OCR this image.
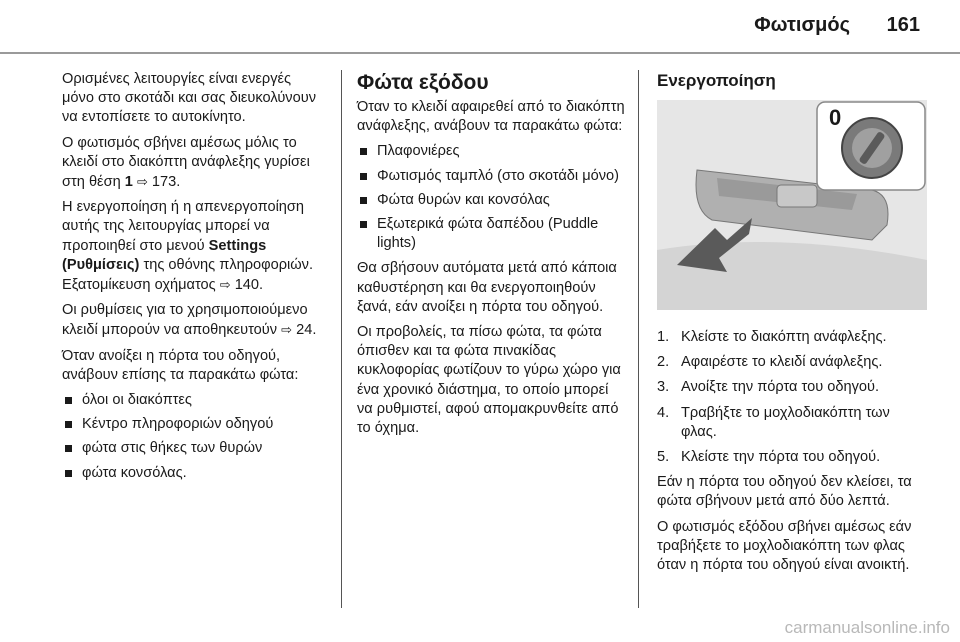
Φωτισμός 161

Ορισμένες λειτουργίες είναι ενεργές μόνο στο σκοτάδι και σας διευκολύνουν να εντοπίσετε το αυτοκίνητο.

Ο φωτισμός σβήνει αμέσως μόλις το κλειδί στο διακόπτη ανάφλεξης γυρίσει στη θέση 1 ⇨ 173.

Η ενεργοποίηση ή η απενεργοποίηση αυτής της λειτουργίας μπορεί να προποιηθεί στο μενού Settings (Ρυθμίσεις) της οθόνης πληροφοριών. Εξατομίκευση οχήματος ⇨ 140.

Οι ρυθμίσεις για το χρησιμοποιούμενο κλειδί μπορούν να αποθηκευτούν ⇨ 24.

Όταν ανοίξει η πόρτα του οδηγού, ανάβουν επίσης τα παρακάτω φώτα:

όλοι οι διακόπτες
Κέντρο πληροφοριών οδηγού
φώτα στις θήκες των θυρών
φώτα κονσόλας.
Φώτα εξόδου

Όταν το κλειδί αφαιρεθεί από το διακόπτη ανάφλεξης, ανάβουν τα παρακάτω φώτα:

Πλαφονιέρες
Φωτισμός ταμπλό (στο σκοτάδι μόνο)
Φώτα θυρών και κονσόλας
Εξωτερικά φώτα δαπέδου (Puddle lights)

Θα σβήσουν αυτόματα μετά από κάποια καθυστέρηση και θα ενεργοποιηθούν ξανά, εάν ανοίξει η πόρτα του οδηγού.

Οι προβολείς, τα πίσω φώτα, τα φώτα όπισθεν και τα φώτα πινακίδας κυκλοφορίας φωτίζουν το γύρω χώρο για ένα χρονικό διάστημα, το οποίο μπορεί να ρυθμιστεί, αφού απομακρυνθείτε από το όχημα.

Ενεργοποίηση
0
1. Κλείστε το διακόπτη ανάφλεξης.
2. Αφαιρέστε το κλειδί ανάφλεξης.
3. Ανοίξτε την πόρτα του οδηγού.
4. Τραβήξτε το μοχλοδιακόπτη των φλας.
5. Κλείστε την πόρτα του οδηγού.

Εάν η πόρτα του οδηγού δεν κλείσει, τα φώτα σβήνουν μετά από δύο λεπτά.

Ο φωτισμός εξόδου σβήνει αμέσως εάν τραβήξετε το μοχλοδιακόπτη των φλας όταν η πόρτα του οδηγού είναι ανοικτή.

carmanualsonline.info
